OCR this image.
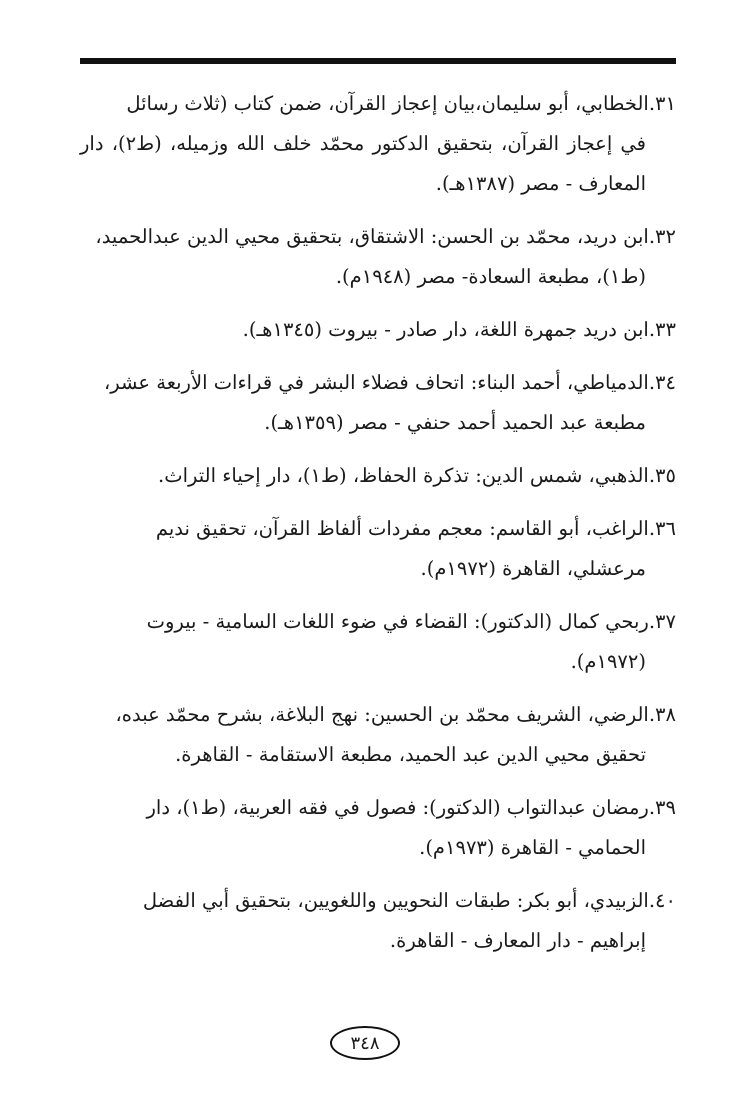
٣١.الخطابي، أبو سليمان،بيان إعجاز القرآن، ضمن كتاب (ثلاث رسائل
في إعجاز القرآن، بتحقيق الدكتور محمّد خلف الله وزميله، (ط٢)، دار المعارف - مصر (١٣٨٧هـ).

٣٢.ابن دريد، محمّد بن الحسن: الاشتقاق، بتحقيق محيي الدين عبدالحميد،
(ط١)، مطبعة السعادة- مصر (١٩٤٨م).

٣٣.ابن دريد جمهرة اللغة، دار صادر - بيروت (١٣٤٥هـ).

٣٤.الدمياطي، أحمد البناء: اتحاف فضلاء البشر في قراءات الأربعة عشر،
مطبعة عبد الحميد أحمد حنفي - مصر (١٣٥٩هـ).

٣٥.الذهبي، شمس الدين: تذكرة الحفاظ، (ط١)، دار إحياء التراث.

٣٦.الراغب، أبو القاسم: معجم مفردات ألفاظ القرآن، تحقيق نديم
مرعشلي، القاهرة (١٩٧٢م).

٣٧.ربحي كمال (الدكتور): القضاء في ضوء اللغات السامية - بيروت
(١٩٧٢م).

٣٨.الرضي، الشريف محمّد بن الحسين: نهج البلاغة، بشرح محمّد عبده،
تحقيق محيي الدين عبد الحميد، مطبعة الاستقامة - القاهرة.

٣٩.رمضان عبدالتواب (الدكتور): فصول في فقه العربية، (ط١)، دار
الحمامي - القاهرة (١٩٧٣م).

٤٠.الزبيدي، أبو بكر: طبقات النحويين واللغويين، بتحقيق أبي الفضل
إبراهيم - دار المعارف - القاهرة.

٣٤٨
